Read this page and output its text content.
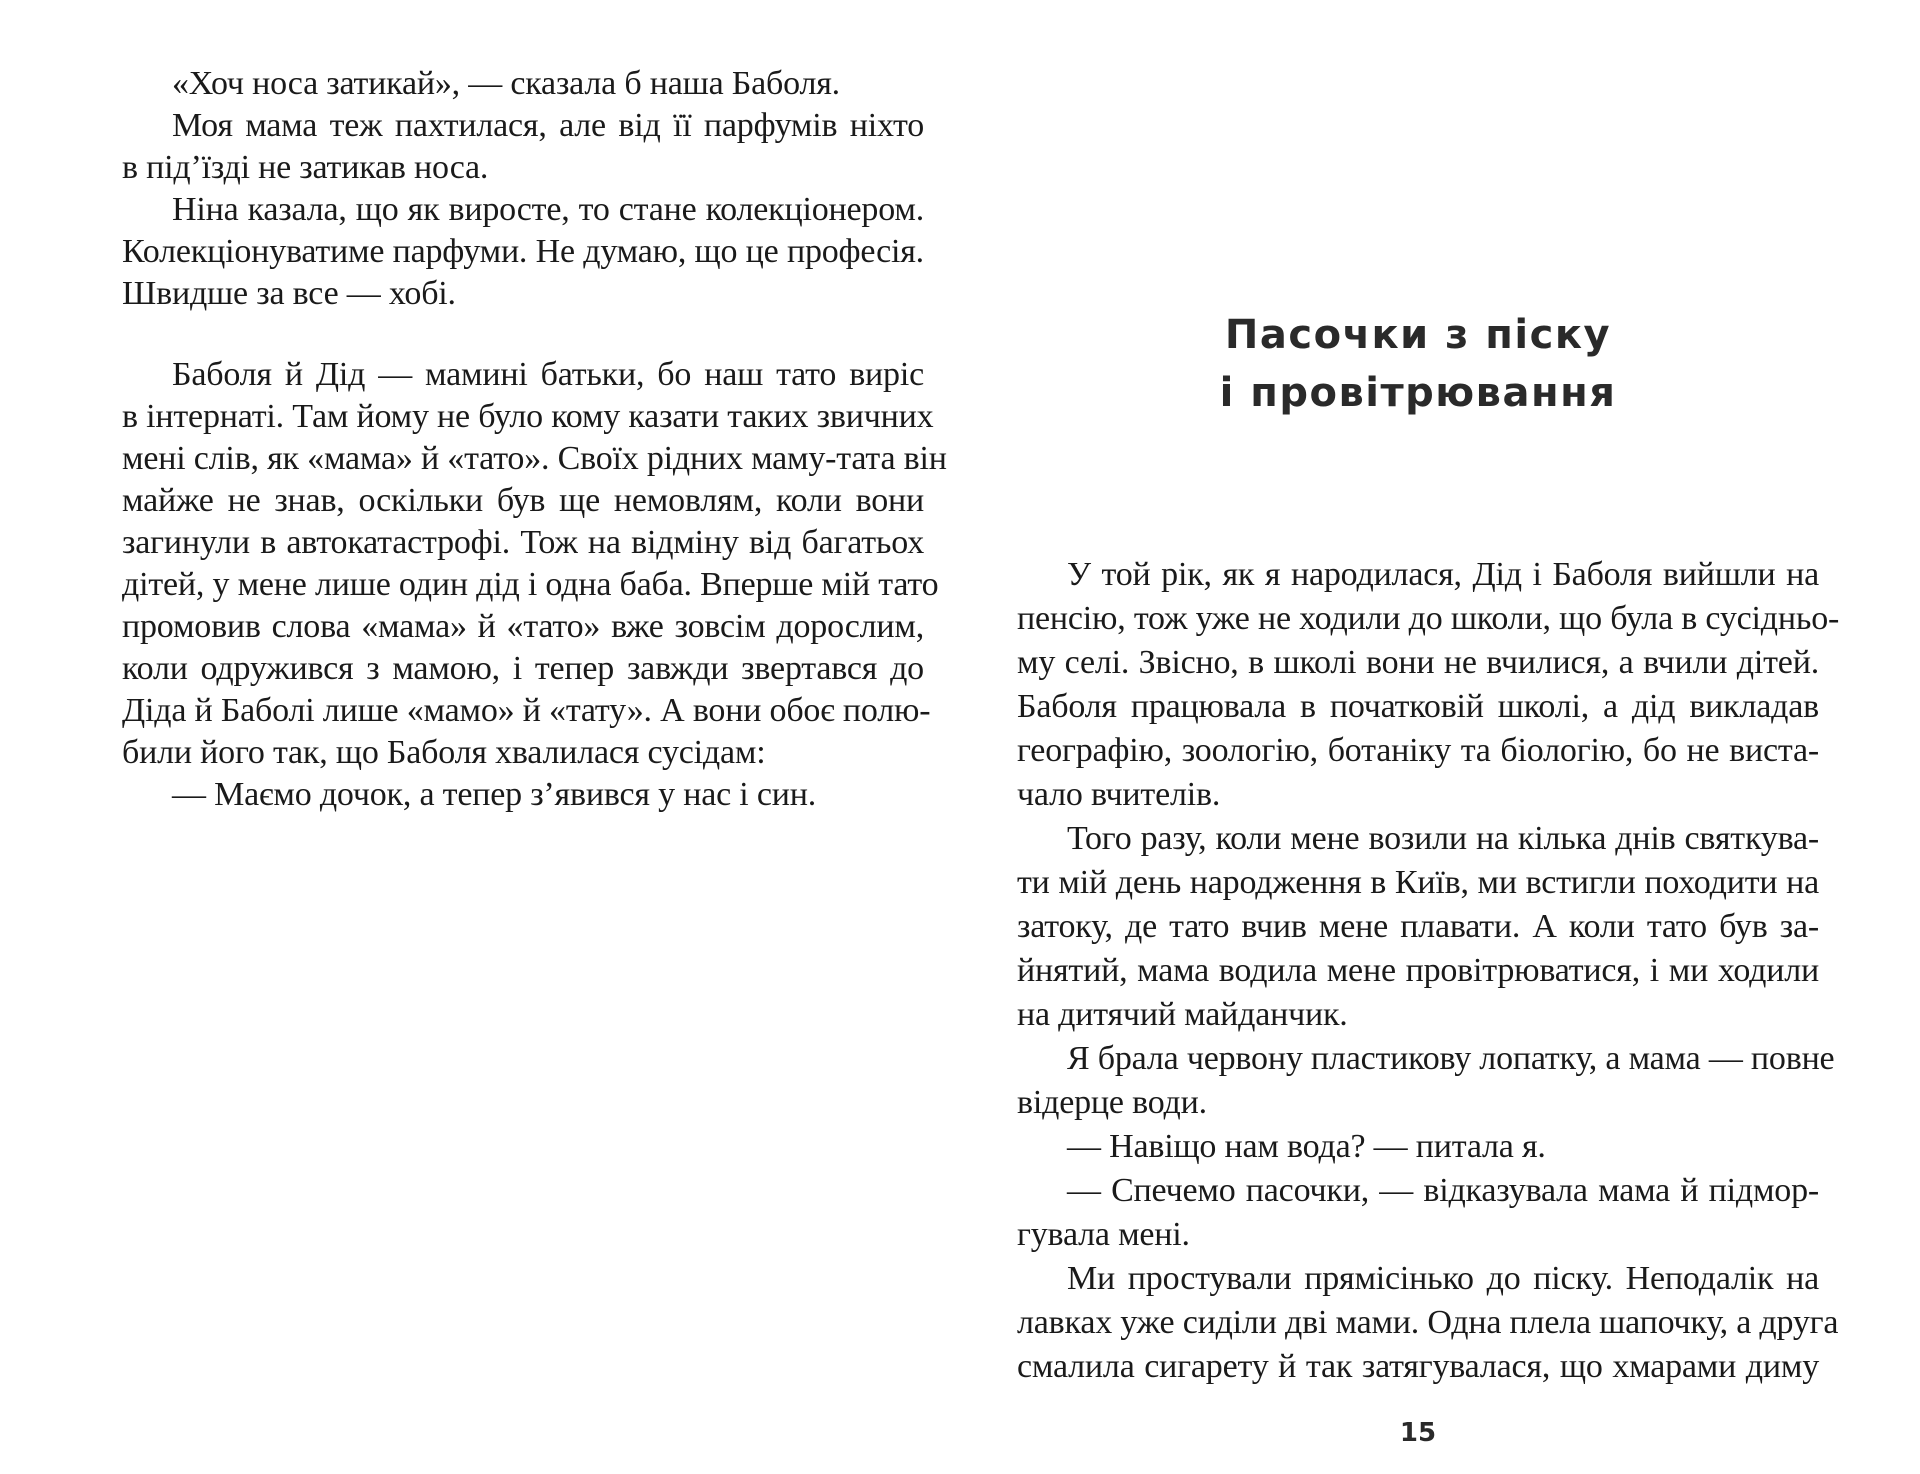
«Хоч носа затикай», — сказала б наша Баболя.
Моя мама теж пахтилася, але від її парфумів ніхто
в під’їзді не затикав носа.
Ніна казала, що як виросте, то стане колекціонером.
Колекціонуватиме парфуми. Не думаю, що це професія.
Швидше за все — хобі.
Баболя й Дід — мамині батьки, бо наш тато виріс
в інтернаті. Там йому не було кому казати таких звичних
мені слів, як «мама» й «тато». Своїх рідних маму-тата він
майже не знав, оскільки був ще немовлям, коли вони
загинули в автокатастрофі. Тож на відміну від багатьох
дітей, у мене лише один дід і одна баба. Вперше мій тато
промовив слова «мама» й «тато» вже зовсім дорослим,
коли одружився з мамою, і тепер завжди звертався до
Діда й Баболі лише «мамо» й «тату». А вони обоє полю-
били його так, що Баболя хвалилася сусідам:
— Маємо дочок, а тепер з’явився у нас і син.
Пасочки з піску
і провітрювання
У той рік, як я народилася, Дід і Баболя вийшли на
пенсію, тож уже не ходили до школи, що була в сусідньо-
му селі. Звісно, в школі вони не вчилися, а вчили дітей.
Баболя працювала в початковій школі, а дід викладав
географію, зоологію, ботаніку та біологію, бо не виста-
чало вчителів.
Того разу, коли мене возили на кілька днів святкува-
ти мій день народження в Київ, ми встигли походити на
затоку, де тато вчив мене плавати. А коли тато був за-
йнятий, мама водила мене провітрюватися, і ми ходили
на дитячий майданчик.
Я брала червону пластикову лопатку, а мама — повне
відерце води.
— Навіщо нам вода? — питала я.
— Спечемо пасочки, — відказувала мама й підмор-
гувала мені.
Ми простували прямісінько до піску. Неподалік на
лавках уже сиділи дві мами. Одна плела шапочку, а друга
смалила сигарету й так затягувалася, що хмарами диму
15
